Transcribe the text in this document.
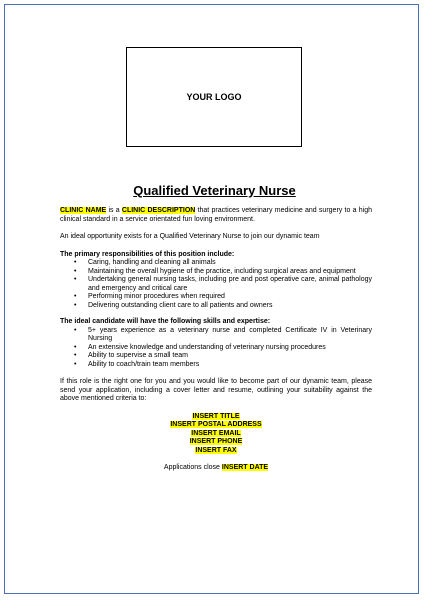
YOUR LOGO
Qualified Veterinary Nurse

CLINIC NAME is a CLINIC DESCRIPTION that practices veterinary medicine and surgery to a high clinical standard in a service orientated fun loving environment.

An ideal opportunity exists for a Qualified Veterinary Nurse to join our dynamic team

The primary responsibilities of this position include:

• Caring, handling and cleaning all animals
• Maintaining the overall hygiene of the practice, including surgical areas and equipment
• Undertaking general nursing tasks, including pre and post operative care, animal pathology and emergency and critical care
• Performing minor procedures when required
• Delivering outstanding client care to all patients and owners

The ideal candidate will have the following skills and expertise:

• 5+ years experience as a veterinary nurse and completed Certificate IV in Veterinary Nursing
• An extensive knowledge and understanding of veterinary nursing procedures
• Ability to supervise a small team
• Ability to coach/train team members

If this role is the right one for you and you would like to become part of our dynamic team, please send your application, including a cover letter and resume, outlining your suitability against the above mentioned criteria to:

INSERT TITLE
INSERT POSTAL ADDRESS
INSERT EMAIL
INSERT PHONE
INSERT FAX

Applications close INSERT DATE
